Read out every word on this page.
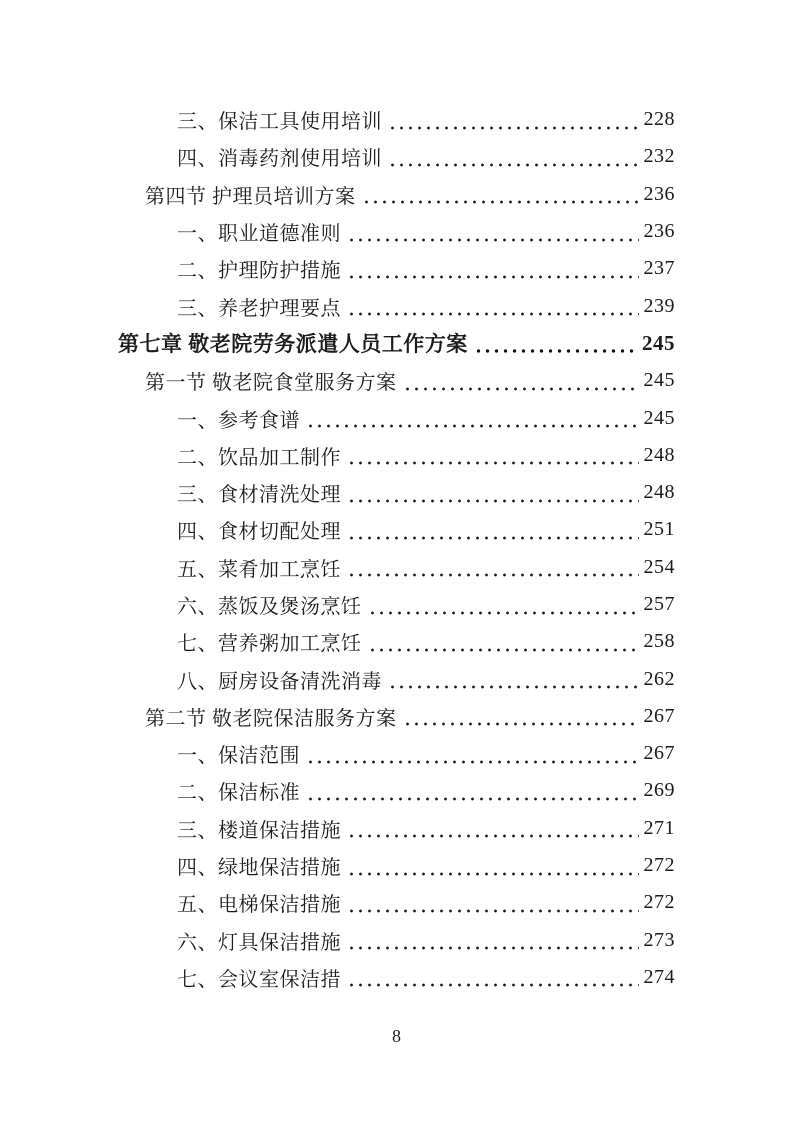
三、保洁工具使用培训	228
四、消毒药剂使用培训	232
第四节 护理员培训方案	236
一、职业道德准则	236
二、护理防护措施	237
三、养老护理要点	239
第七章 敬老院劳务派遣人员工作方案	245
第一节 敬老院食堂服务方案	245
一、参考食谱	245
二、饮品加工制作	248
三、食材清洗处理	248
四、食材切配处理	251
五、菜肴加工烹饪	254
六、蒸饭及煲汤烹饪	257
七、营养粥加工烹饪	258
八、厨房设备清洗消毒	262
第二节 敬老院保洁服务方案	267
一、保洁范围	267
二、保洁标准	269
三、楼道保洁措施	271
四、绿地保洁措施	272
五、电梯保洁措施	272
六、灯具保洁措施	273
七、会议室保洁措	274
8
